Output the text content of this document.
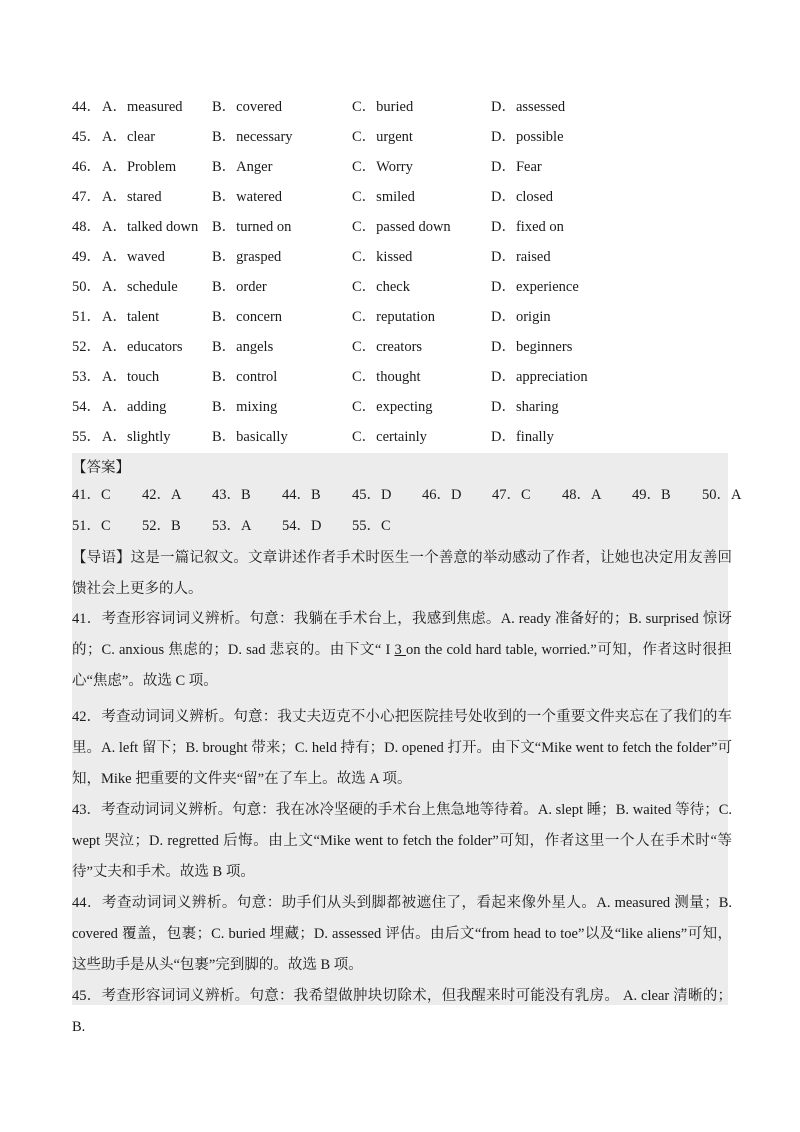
44． A．measured B．covered	C．buried	D．assessed
45． A．clear	B．necessary	C．urgent	D．possible
46． A．Problem B．Anger	C．Worry	D．Fear
47． A．stared	B．watered	C．smiled	D．closed
48． A．talked down B．turned on	C．passed down	D．fixed on
49． A．waved	B．grasped	C．kissed	D．raised
50． A．schedule B．order	C．check	D．experience
51． A．talent	B．concern	C．reputation	D．origin
52． A．educators B．angels	C．creators	D．beginners
53． A．touch	B．control	C．thought	D．appreciation
54． A．adding	B．mixing	C．expecting	D．sharing
55． A．slightly	B．basically	C．certainly	D．finally
【答案】
41．C 42．A 43．B 44．B 45．D 46．D 47．C 48．A 49．B 50．A
51．C 52．B 53．A 54．D 55．C

【导语】这是一篇记叙文。文章讲述作者手术时医生一个善意的举动感动了作者，让她也决定用友善回馈社会上更多的人。

41．考查形容词词义辨析。句意：我躺在手术台上，我感到焦虑。A. ready 准备好的；B. surprised 惊讶的；C. anxious 焦虑的；D. sad 悲哀的。由下文“ I 3 on the cold hard table, worried.”可知，作者这时很担心“焦虑”。故选 C 项。

42．考查动词词义辨析。句意：我丈夫迈克不小心把医院挂号处收到的一个重要文件夹忘在了我们的车里。A. left 留下；B. brought 带来；C. held 持有；D. opened 打开。由下文“Mike went to fetch the folder”可知，Mike 把重要的文件夹“留”在了车上。故选 A 项。

43．考查动词词义辨析。句意：我在冰冷坚硬的手术台上焦急地等待着。A. slept 睡；B. waited 等待；C. wept 哭泣；D. regretted 后悔。由上文“Mike went to fetch the folder”可知，作者这里一个人在手术时“等待”丈夫和手术。故选 B 项。

44．考查动词词义辨析。句意：助手们从头到脚都被遮住了，看起来像外星人。A. measured 测量；B. covered 覆盖，包裹；C. buried 埋藏；D. assessed 评估。由后文“from head to toe”以及“like aliens”可知，这些助手是从头“包裹”完到脚的。故选 B 项。

45．考查形容词词义辨析。句意：我希望做肿块切除术，但我醒来时可能没有乳房。 A. clear 清晰的；B.
